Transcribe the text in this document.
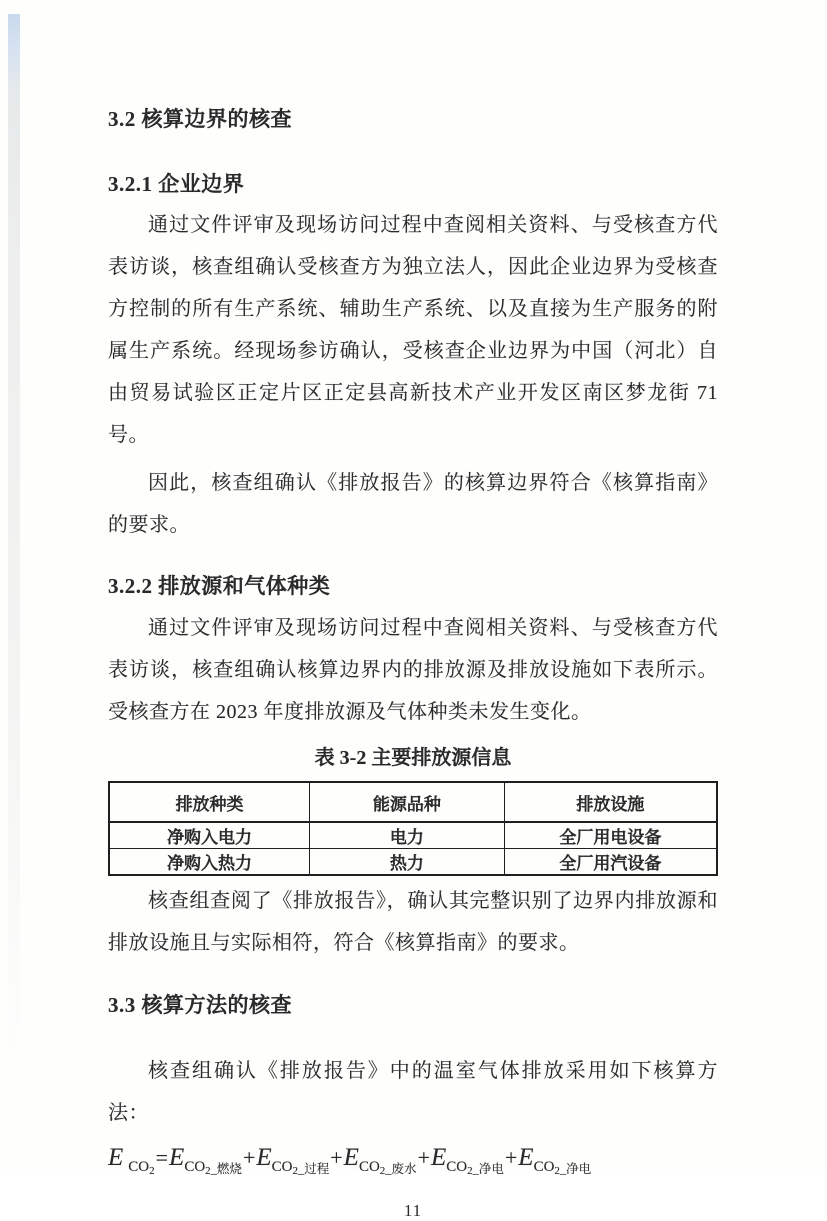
3.2 核算边界的核查
3.2.1 企业边界

通过文件评审及现场访问过程中查阅相关资料、与受核查方代表访谈，核查组确认受核查方为独立法人，因此企业边界为受核查方控制的所有生产系统、辅助生产系统、以及直接为生产服务的附属生产系统。经现场参访确认，受核查企业边界为中国（河北）自由贸易试验区正定片区正定县高新技术产业开发区南区梦龙街 71 号。

因此，核查组确认《排放报告》的核算边界符合《核算指南》的要求。

3.2.2 排放源和气体种类

通过文件评审及现场访问过程中查阅相关资料、与受核查方代表访谈，核查组确认核算边界内的排放源及排放设施如下表所示。受核查方在 2023 年度排放源及气体种类未发生变化。

表 3-2 主要排放源信息
排放种类	能源品种	排放设施
净购入电力	电力	全厂用电设备
净购入热力	热力	全厂用汽设备

核查组查阅了《排放报告》，确认其完整识别了边界内排放源和排放设施且与实际相符，符合《核算指南》的要求。

3.3 核算方法的核查

核查组确认《排放报告》中的温室气体排放采用如下核算方法：

E $_{CO_2}=E_{CO_2\_燃烧}+E_{CO_2\_过程}+E_{CO_2\_废水}+E_{CO_2\_净电}+E_{CO_2\_净电}$
11
